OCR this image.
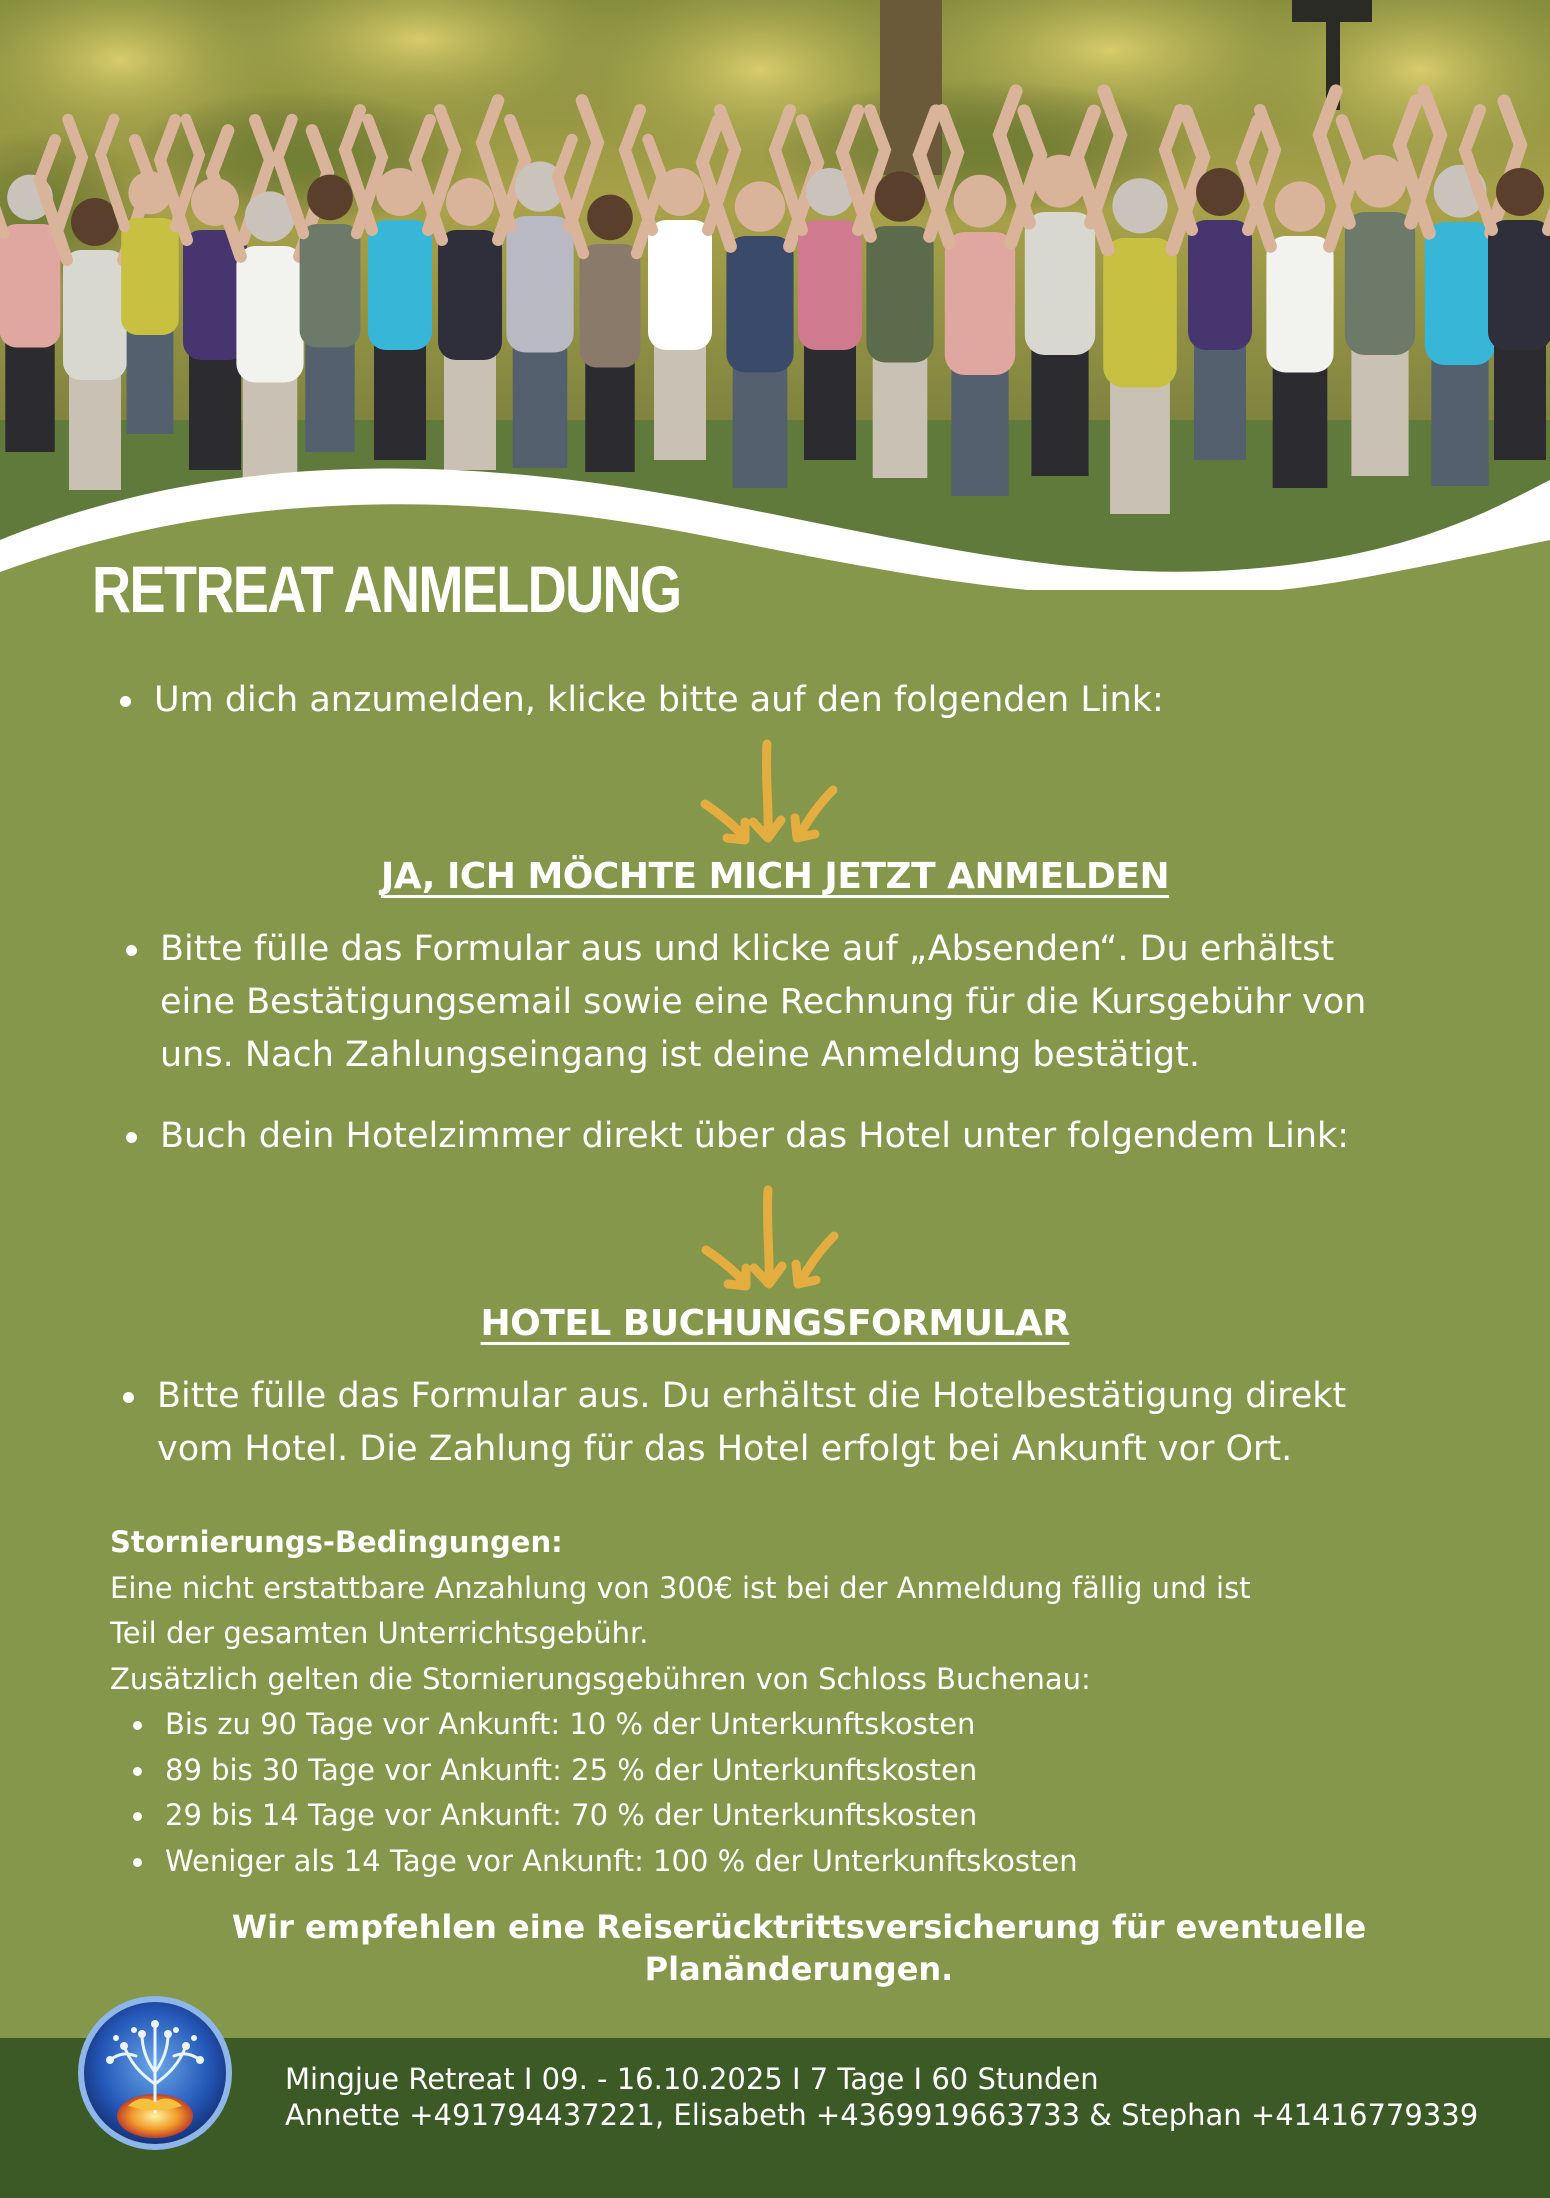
RETREAT ANMELDUNG
Um dich anzumelden, klicke bitte auf den folgenden Link:
JA, ICH MÖCHTE MICH JETZT ANMELDEN
Bitte fülle das Formular aus und klicke auf „Absenden“. Du erhältst
eine Bestätigungsemail sowie eine Rechnung für die Kursgebühr von
uns. Nach Zahlungseingang ist deine Anmeldung bestätigt.
Buch dein Hotelzimmer direkt über das Hotel unter folgendem Link:
HOTEL BUCHUNGSFORMULAR
Bitte fülle das Formular aus. Du erhältst die Hotelbestätigung direkt
vom Hotel. Die Zahlung für das Hotel erfolgt bei Ankunft vor Ort.
Stornierungs-Bedingungen:
Eine nicht erstattbare Anzahlung von 300€ ist bei der Anmeldung fällig und ist
Teil der gesamten Unterrichtsgebühr.
Zusätzlich gelten die Stornierungsgebühren von Schloss Buchenau:
Bis zu 90 Tage vor Ankunft: 10 % der Unterkunftskosten
89 bis 30 Tage vor Ankunft: 25 % der Unterkunftskosten
29 bis 14 Tage vor Ankunft: 70 % der Unterkunftskosten
Weniger als 14 Tage vor Ankunft: 100 % der Unterkunftskosten
Wir empfehlen eine Reiserücktrittsversicherung für eventuelle
Planänderungen.
Mingjue Retreat I 09. - 16.10.2025 I 7 Tage I 60 Stunden
Annette +491794437221, Elisabeth +4369919663733 & Stephan +41416779339
